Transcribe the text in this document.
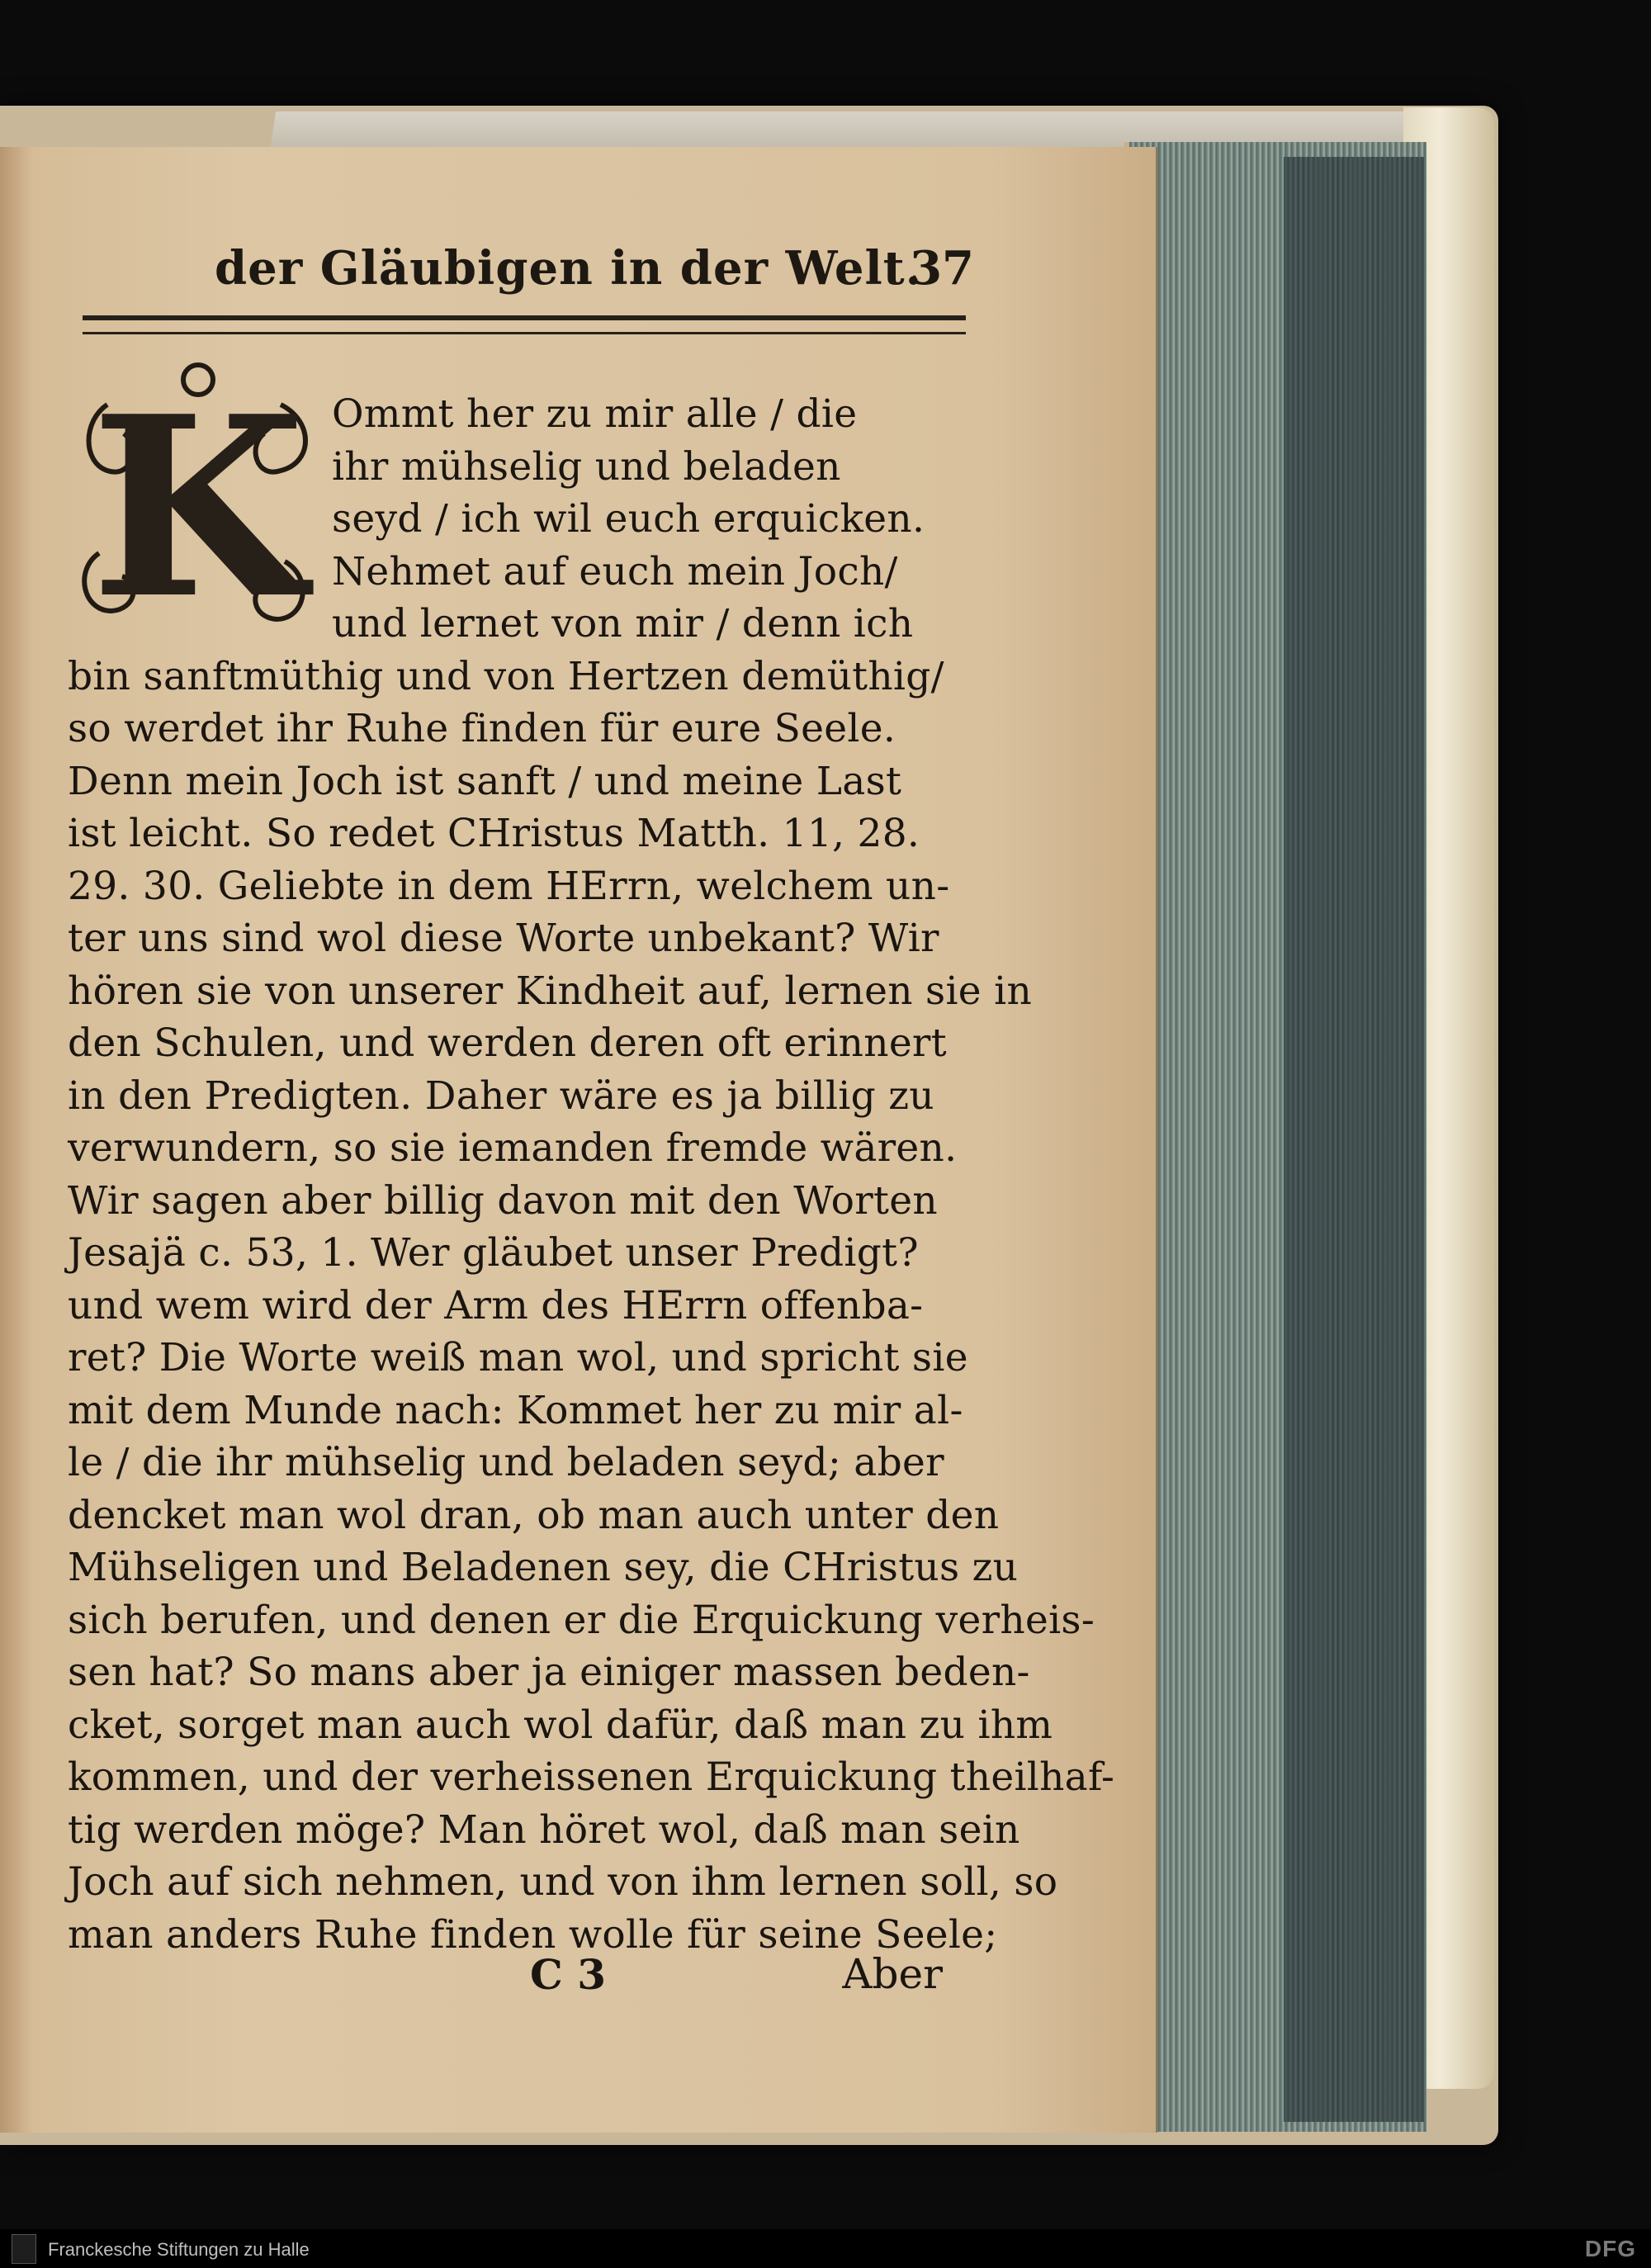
der Gläubigen in der Welt.
37
K Ommt her zu mir alle / die
ihr mühselig und beladen
seyd / ich wil euch erquicken.
Nehmet auf euch mein Joch/
und lernet von mir / denn ich
bin sanftmüthig und von Hertzen demüthig/
so werdet ihr Ruhe finden für eure Seele.
Denn mein Joch ist sanft / und meine Last
ist leicht. So redet CHristus Matth. 11, 28.
29. 30. Geliebte in dem HErrn, welchem un-
ter uns sind wol diese Worte unbekant? Wir
hören sie von unserer Kindheit auf, lernen sie in
den Schulen, und werden deren oft erinnert
in den Predigten. Daher wäre es ja billig zu
verwundern, so sie iemanden fremde wären.
Wir sagen aber billig davon mit den Worten
Jesajä c. 53, 1. Wer gläubet unser Predigt?
und wem wird der Arm des HErrn offenba-
ret? Die Worte weiß man wol, und spricht sie
mit dem Munde nach: Kommet her zu mir al-
le / die ihr mühselig und beladen seyd; aber
dencket man wol dran, ob man auch unter den
Mühseligen und Beladenen sey, die CHristus zu
sich berufen, und denen er die Erquickung verheis-
sen hat? So mans aber ja einiger massen beden-
cket, sorget man auch wol dafür, daß man zu ihm
kommen, und der verheissenen Erquickung theilhaf-
tig werden möge? Man höret wol, daß man sein
Joch auf sich nehmen, und von ihm lernen soll, so
man anders Ruhe finden wolle für seine Seele;
C 3	Aber
Franckesche Stiftungen zu Halle	DFG
